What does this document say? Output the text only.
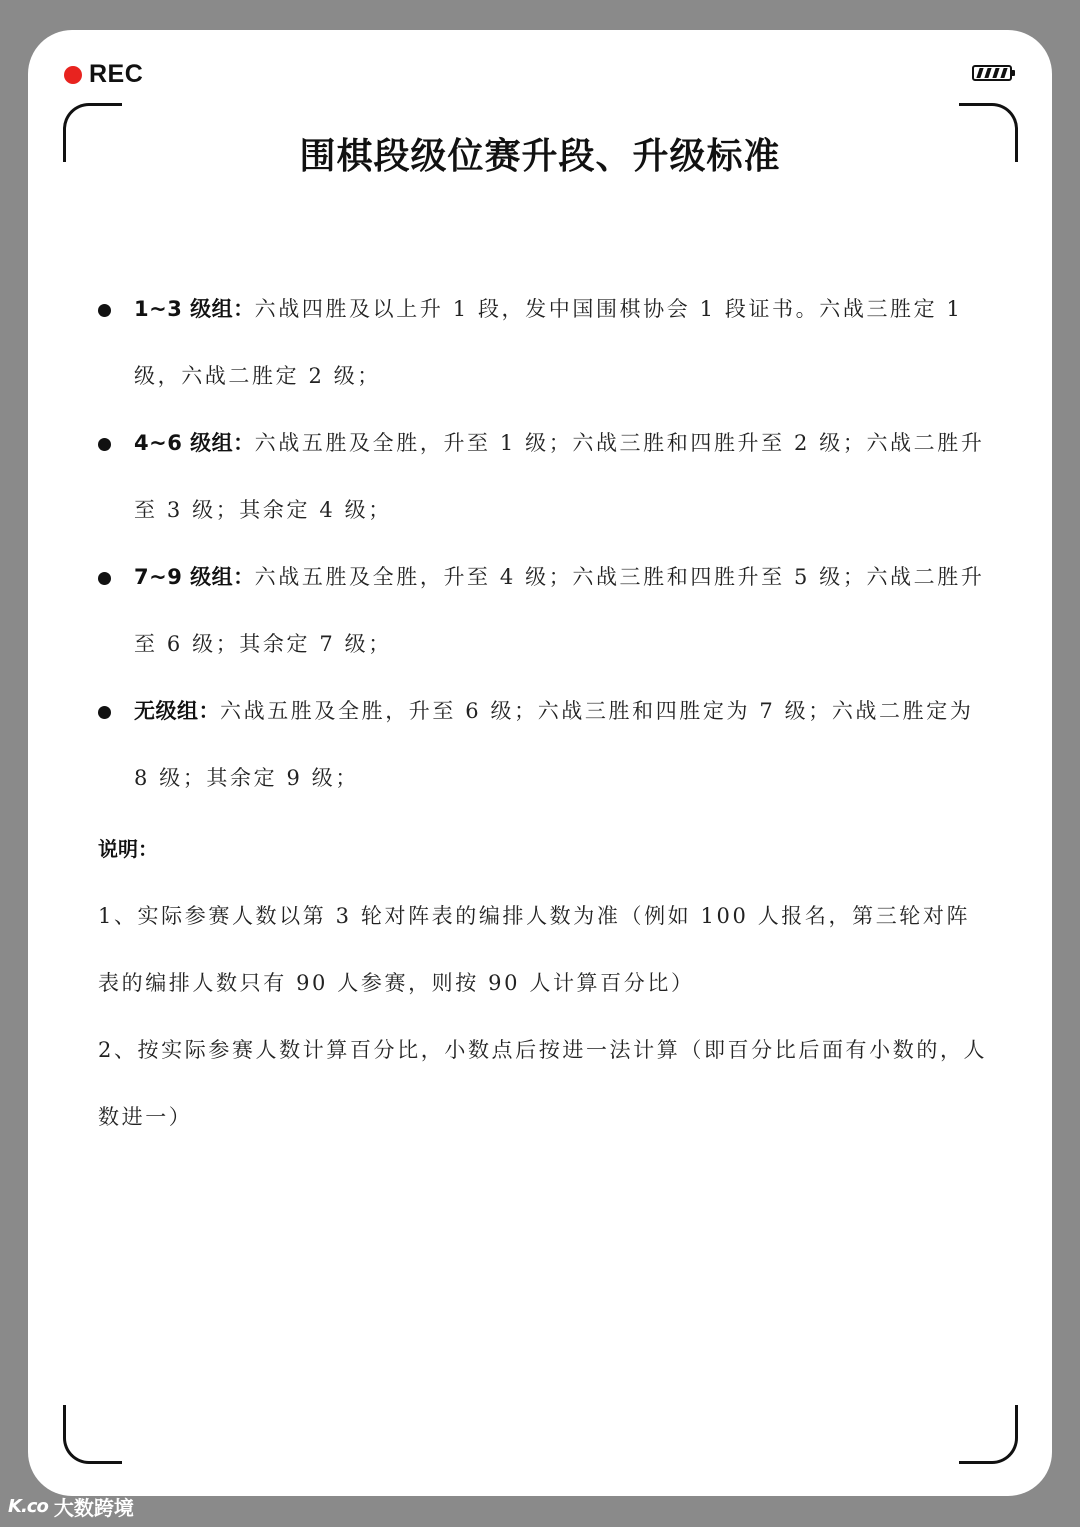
REC
围棋段级位赛升段、升级标准
1~3 级组：六战四胜及以上升 1 段，发中国围棋协会 1 段证书。六战三胜定 1 级，六战二胜定 2 级；
4~6 级组：六战五胜及全胜，升至 1 级；六战三胜和四胜升至 2 级；六战二胜升至 3 级；其余定 4 级；
7~9 级组：六战五胜及全胜，升至 4 级；六战三胜和四胜升至 5 级；六战二胜升至 6 级；其余定 7 级；
无级组：六战五胜及全胜，升至 6 级；六战三胜和四胜定为 7 级；六战二胜定为 8 级；其余定 9 级；
说明：

1、实际参赛人数以第 3 轮对阵表的编排人数为准（例如 100 人报名，第三轮对阵表的编排人数只有 90 人参赛，则按 90 人计算百分比）

2、按实际参赛人数计算百分比，小数点后按进一法计算（即百分比后面有小数的，人数进一）

K.co 大数跨境
